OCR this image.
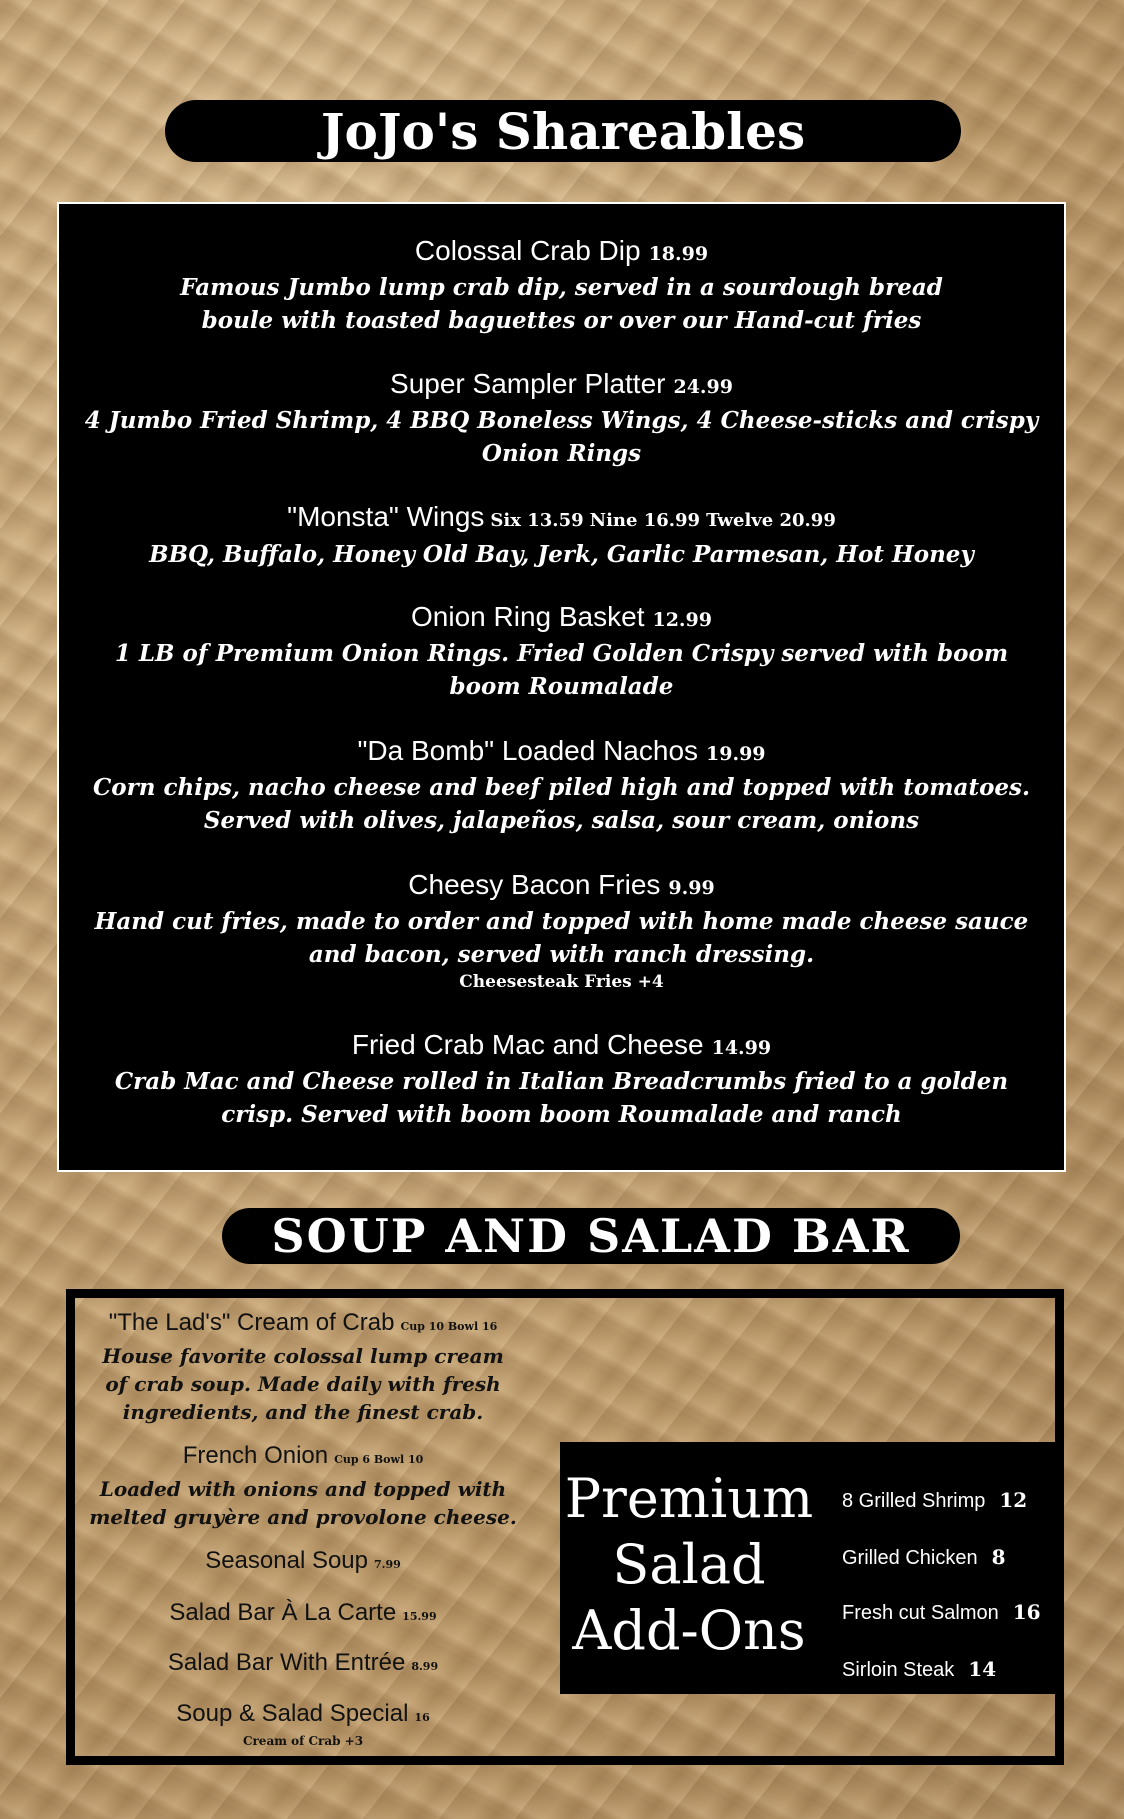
JoJo's Shareables
Colossal Crab Dip 18.99
Famous Jumbo lump crab dip, served in a sourdough bread boule with toasted baguettes or over our Hand-cut fries
Super Sampler Platter 24.99
4 Jumbo Fried Shrimp, 4 BBQ Boneless Wings, 4 Cheese-sticks and crispy Onion Rings
"Monsta" Wings Six 13.59 Nine 16.99 Twelve 20.99
BBQ, Buffalo, Honey Old Bay, Jerk, Garlic Parmesan, Hot Honey
Onion Ring Basket 12.99
1 LB of Premium Onion Rings. Fried Golden Crispy served with boom boom Roumalade
"Da Bomb" Loaded Nachos 19.99
Corn chips, nacho cheese and beef piled high and topped with tomatoes. Served with olives, jalapeños, salsa, sour cream, onions
Cheesy Bacon Fries 9.99
Hand cut fries, made to order and topped with home made cheese sauce and bacon, served with ranch dressing.
Cheesesteak Fries +4
Fried Crab Mac and Cheese 14.99
Crab Mac and Cheese rolled in Italian Breadcrumbs fried to a golden crisp. Served with boom boom Roumalade and ranch
SOUP AND SALAD BAR
"The Lad's" Cream of Crab Cup 10 Bowl 16
House favorite colossal lump cream of crab soup. Made daily with fresh ingredients, and the finest crab.
French Onion Cup 6 Bowl 10
Loaded with onions and topped with melted gruyère and provolone cheese.
Seasonal Soup 7.99
Salad Bar À La Carte 15.99
Salad Bar With Entrée 8.99
Soup & Salad Special 16
Cream of Crab +3
Premium
Salad
Add-Ons
8 Grilled Shrimp 12
Grilled Chicken 8
Fresh cut Salmon 16
Sirloin Steak 14
